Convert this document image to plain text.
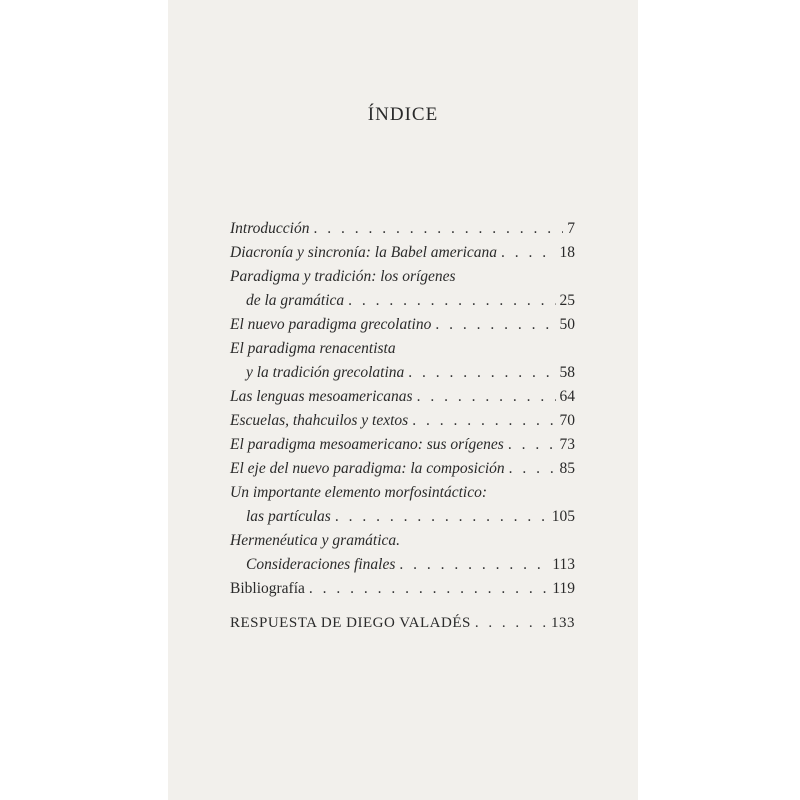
ÍNDICE
Introducción . . .	7
Diacronía y sincronía: la Babel americana . . .	18
Paradigma y tradición: los orígenes
de la gramática . . .	25
El nuevo paradigma grecolatino . . .	50
El paradigma renacentista
y la tradición grecolatina . . .	58
Las lenguas mesoamericanas . . .	64
Escuelas, thahcuilos y textos . . .	70
El paradigma mesoamericano: sus orígenes . . .	73
El eje del nuevo paradigma: la composición . . .	85
Un importante elemento morfosintáctico:
las partículas . . .	105
Hermenéutica y gramática.
Consideraciones finales . . .	113
Bibliografía . . .	119
RESPUESTA DE DIEGO VALADÉS . . .	133
